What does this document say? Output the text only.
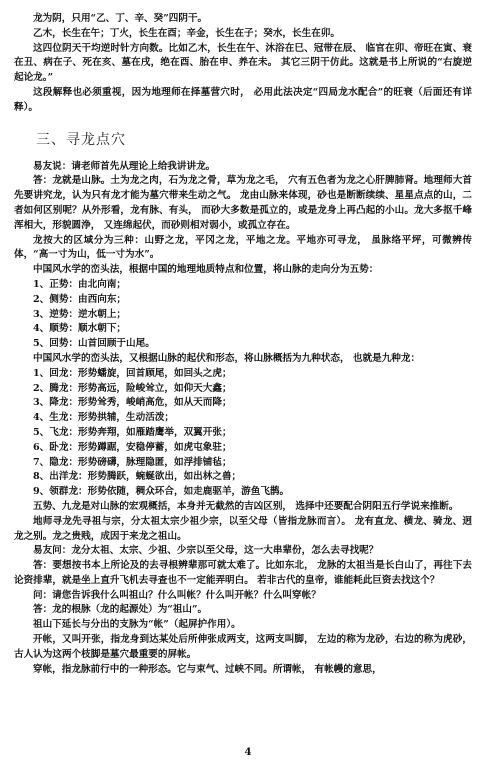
龙为阴，只用“乙、丁、辛、癸”四阴干。

乙木，长生在午；丁火，长生在酉；辛金，长生在子；癸水，长生在卯。

这四位阴天干均逆时针方向数。比如乙木，长生在午、沐浴在巳、冠带在辰、 临官在卯、帝旺在寅、衰在丑、病在子、死在亥、墓在戌，绝在酉、胎在申、养在未。 其它三阴干仿此。这就是书上所说的“右旋逆起论龙。”

这段解释也必须重视，因为地理师在择墓营穴时， 必用此法决定“四局龙水配合”的旺衰（后面还有详释）。

三、寻龙点穴

易友说：请老师首先从理论上给我讲讲龙。

答：龙就是山脉。土为龙之肉，石为龙之骨，草为龙之毛， 穴有五色者为龙之心肝脾肺肾。地理师大首先要讲究龙，认为只有龙才能为墓穴带来生动之气。 龙由山脉来体现，砂也是断断续续、星星点点的山，二者如何区别呢？从外形看，龙有脉、有头， 而砂大多数是孤立的，或是龙身上再凸起的小山。龙大多抠千峰浑相大，形貌圆浄， 又连绵起伏，而砂则相对弱小，或孤立存在。

龙按大的区域分为三种：山野之龙，平冈之龙，平地之龙。平地亦可寻龙， 虽脉络平坪，可微辨传体，“高一寸为山，低一寸为水”。

中国风水学的峦头法，根据中国的地理地质特点和位置，将山脉的走向分为五势：

1、正势：由北向南；

2、侧势：由西向东；

3、逆势：逆水朝上；

4、顺势：顺水朝下；

5、回势：山首回顾于山尾。

中国风水学的峦头法，又根据山脉的起伏和形态，将山脉概括为九种状态， 也就是九种龙：

1、回龙：形势蟠旋，回首顾尾，如回头之虎；

2、腾龙：形势高远，险峻耸立，如仰天大鑫；

3、降龙：形势耸秀，峻峭高危，如从天而降；

4、生龙：形势拱辅，生动活泼；

5、飞龙：形势奔翔，如雁踏鹰举，双翼开张；

6、卧龙：形势蹲踞，安稳停蓄，如虎屯象驻；

7、隐龙：形势磅礴，脉理隐匿，如浮排铺毡；

8、出洋龙：形势腾跃，蜿蜒欲出，如出林之兽；

9、领群龙：形势依随，稠众环合，如走鹿驱羊，游鱼飞鹊。

五势、九龙是对山脉的宏观概括，本身并无截然的吉凶区别， 选择中还要配合阴阳五行学说来推断。

地师寻龙先寻祖与宗，分太祖太宗少祖少宗，以至父母（皆指龙脉而言）。 龙有直龙、横龙、骑龙、迥龙之别。龙之贵贱，成因于来龙之祖山。

易友问：龙分太祖、太宗、少祖、少宗以至父母，这一大串辈份，怎么去寻找呢？

答：要想按书本上所论及的去寻根辨辈那可就太难了。比如东北， 龙脉的太祖当是长白山了，再往下去论资排辈，就是坐上直升飞机去寻查也不一定能弄明白。 若非古代的皇帝，谁能耗此巨资去找这个？

问：请您告诉我什么叫祖山？什么叫帐？什么叫开帐？什么叫穿帐？

答：龙的根脉（龙的起源处）为“祖山”。

祖山下延长与分出的支脉为“帐”（起屏护作用）。

开帐，又叫开张，指龙身到达某处后所伸张成两支，这两支叫脚， 左边的称为龙砂，右边的称为虎砂，古人认为这两个枝脚是墓穴最重要的屏帐。

穿帐，指龙脉前行中的一种形态。它与束气、过峡不同。所谓帐， 有帐幔的意思，

4
